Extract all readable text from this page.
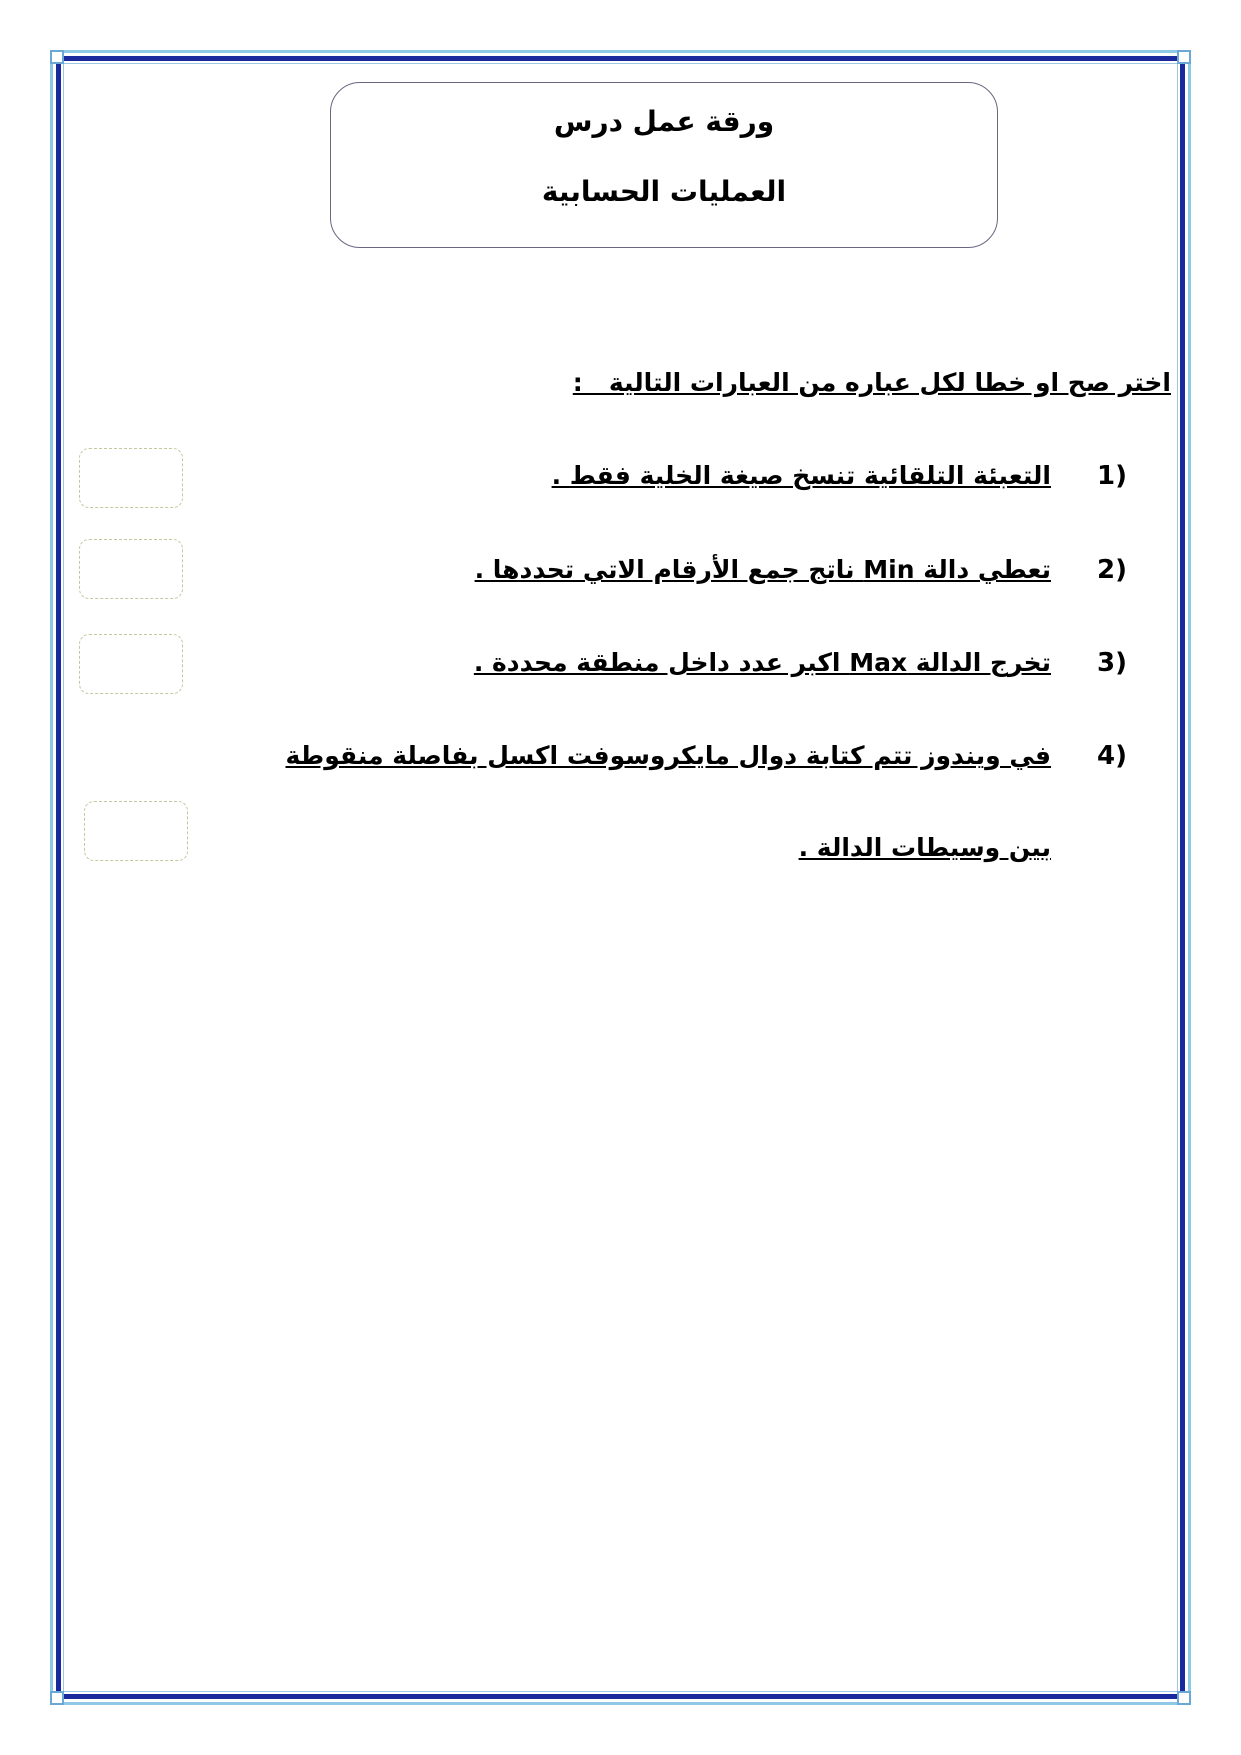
ورقة عمل درس
العمليات الحسابية
اختر صح او خطا لكل عباره من العبارات التالية   :
1)
التعبئة التلقائية تنسخ صيغة الخلية فقط .
2)
تعطي دالة Min ناتج جمع الأرقام الاتي تحددها .
3)
تخرج الدالة Max اكبر عدد داخل منطقة محددة .
4)
في ويندوز تتم كتابة دوال مايكروسوفت اكسل بفاصلة منقوطة
بين وسيطات الدالة .
